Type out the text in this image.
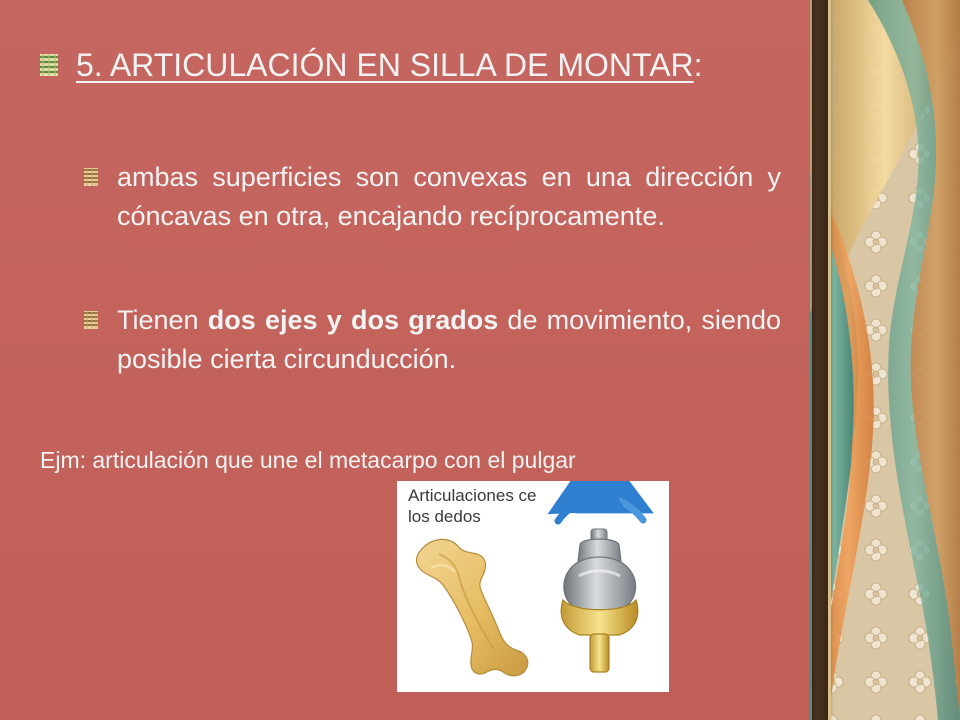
5. ARTICULACIÓN EN SILLA DE MONTAR:
ambas superficies son convexas en una dirección y cóncavas en otra, encajando recíprocamente.
Tienen dos ejes y dos grados de movimiento, siendo posible cierta circunducción.
Ejm: articulación que une el metacarpo con el pulgar
Articulaciones ce los dedos
